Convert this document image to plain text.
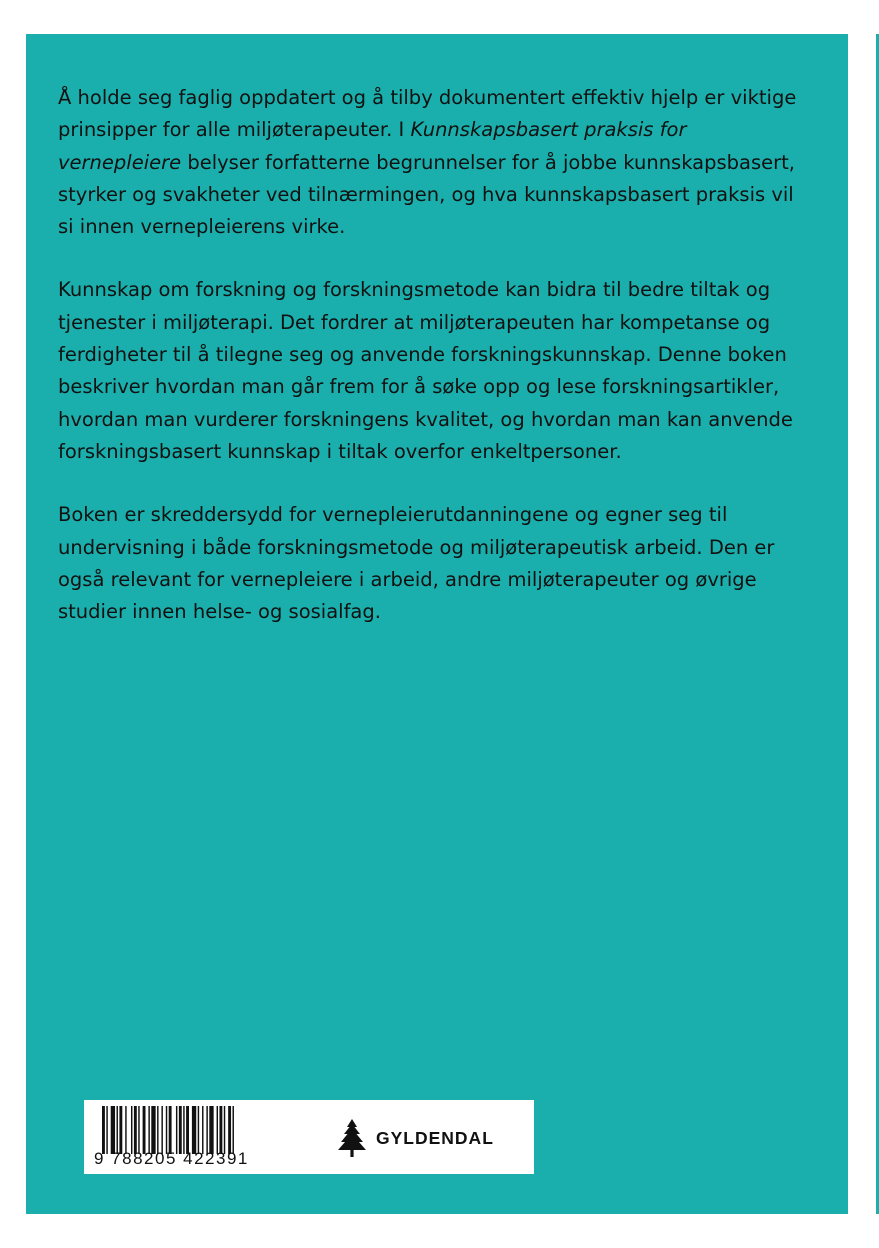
Å holde seg faglig oppdatert og å tilby dokumentert effektiv hjelp er viktige prinsipper for alle miljøterapeuter. I Kunnskapsbasert praksis for vernepleiere belyser forfatterne begrunnelser for å jobbe kunnskapsbasert, styrker og svakheter ved tilnærmingen, og hva kunnskapsbasert praksis vil si innen vernepleierens virke.

Kunnskap om forskning og forskningsmetode kan bidra til bedre tiltak og tjenester i miljøterapi. Det fordrer at miljøterapeuten har kompetanse og ferdigheter til å tilegne seg og anvende forskningskunnskap. Denne boken beskriver hvordan man går frem for å søke opp og lese forskningsartikler, hvordan man vurderer forskningens kvalitet, og hvordan man kan anvende forskningsbasert kunnskap i tiltak overfor enkeltpersoner.

Boken er skreddersydd for vernepleierutdanningene og egner seg til undervisning i både forskningsmetode og miljøterapeutisk arbeid. Den er også relevant for vernepleiere i arbeid, andre miljøterapeuter og øvrige studier innen helse- og sosialfag.

9 788205 422391
GYLDENDAL
